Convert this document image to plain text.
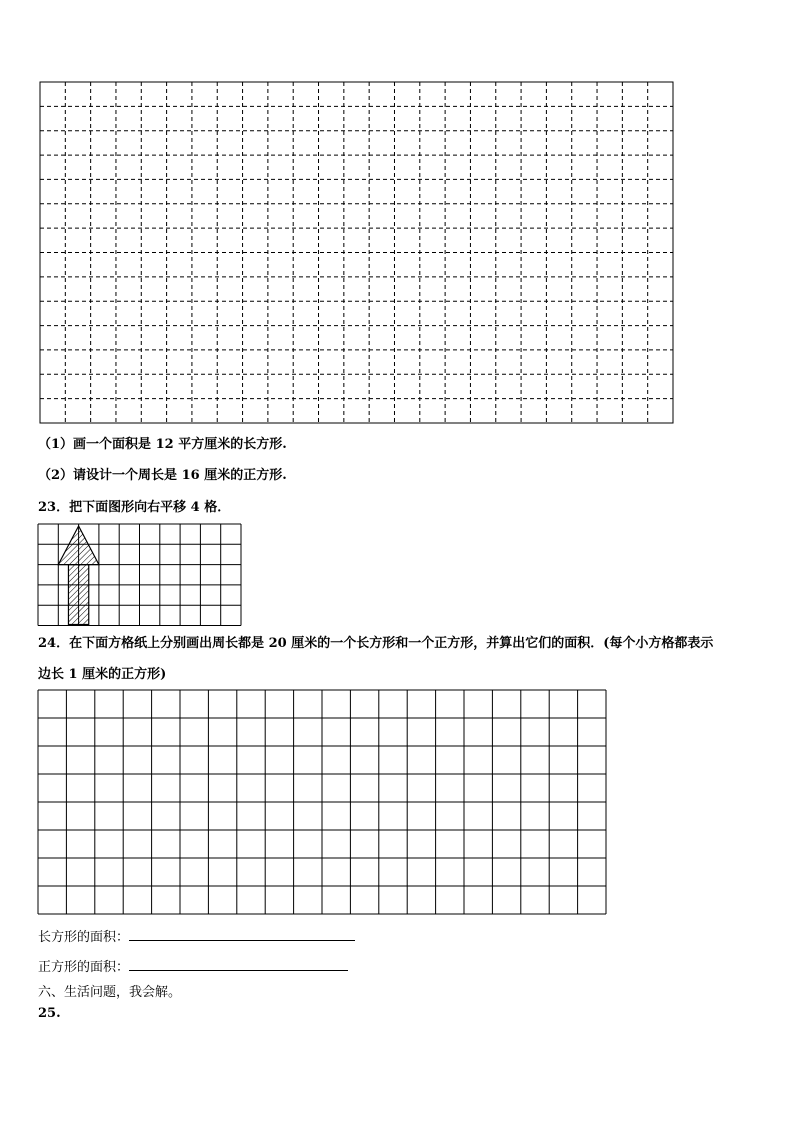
（1）画一个面积是 12 平方厘米的长方形.
（2）请设计一个周长是 16 厘米的正方形.
23．把下面图形向右平移 4 格．
24．在下面方格纸上分别画出周长都是 20 厘米的一个长方形和一个正方形，并算出它们的面积．(每个小方格都表示
边长 1 厘米的正方形)
长方形的面积：
正方形的面积：
六、生活问题，我会解。
25.
